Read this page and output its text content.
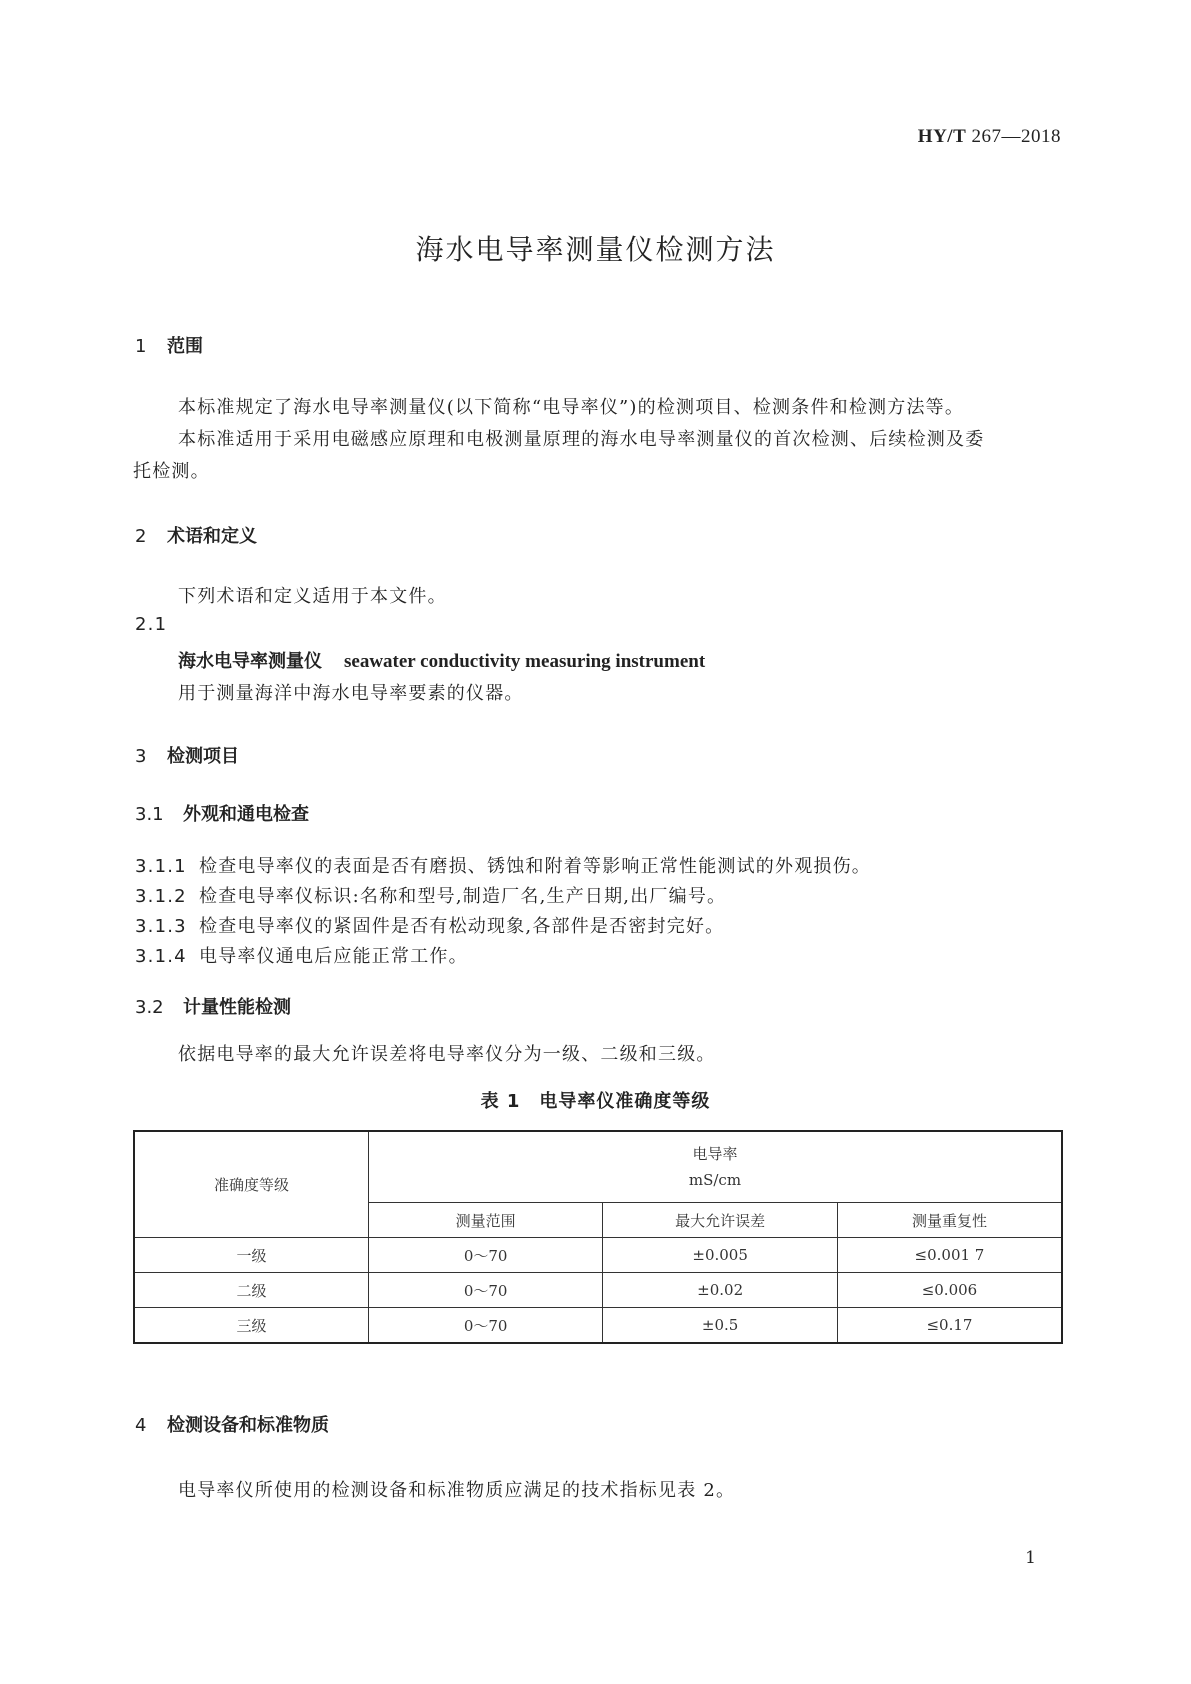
HY/T 267—2018
海水电导率测量仪检测方法
1 范围
本标准规定了海水电导率测量仪(以下简称“电导率仪”)的检测项目、检测条件和检测方法等。
本标准适用于采用电磁感应原理和电极测量原理的海水电导率测量仪的首次检测、后续检测及委
托检测。
2 术语和定义
下列术语和定义适用于本文件。
2.1
海水电导率测量仪 seawater conductivity measuring instrument
用于测量海洋中海水电导率要素的仪器。
3 检测项目
3.1 外观和通电检查
3.1.1 检查电导率仪的表面是否有磨损、锈蚀和附着等影响正常性能测试的外观损伤。
3.1.2 检查电导率仪标识:名称和型号,制造厂名,生产日期,出厂编号。
3.1.3 检查电导率仪的紧固件是否有松动现象,各部件是否密封完好。
3.1.4 电导率仪通电后应能正常工作。
3.2 计量性能检测
依据电导率的最大允许误差将电导率仪分为一级、二级和三级。
表 1　电导率仪准确度等级
准确度等级	电导率
mS/cm		
	测量范围	最大允许误差	测量重复性
一级	0～70	±0.005	≤0.001 7
二级	0～70	±0.02	≤0.006
三级	0～70	±0.5	≤0.17
4 检测设备和标准物质
电导率仪所使用的检测设备和标准物质应满足的技术指标见表 2。
1
